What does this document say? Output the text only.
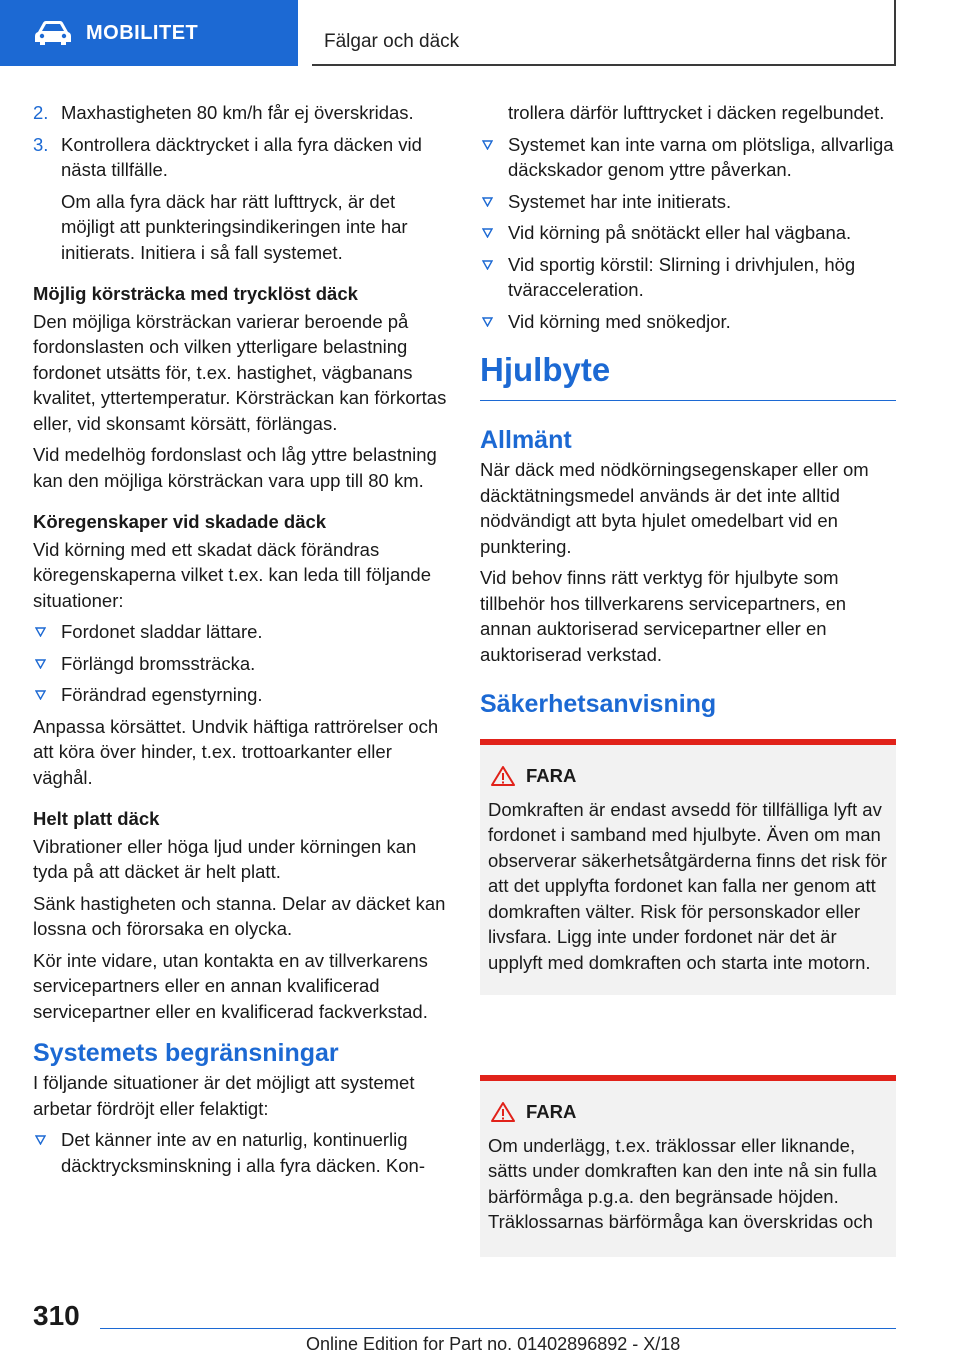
MOBILITET	Fälgar och däck
2. Maxhastigheten 80 km/h får ej överskridas.
3. Kontrollera däcktrycket i alla fyra däcken vid nästa tillfälle.
Om alla fyra däck har rätt lufttryck, är det möjligt att punkteringsindikeringen inte har initierats. Initiera i så fall systemet.
Möjlig körsträcka med trycklöst däck

Den möjliga körsträckan varierar beroende på fordonslasten och vilken ytterligare belastning fordonet utsätts för, t.ex. hastighet, vägbanans kvalitet, yttertemperatur. Körsträckan kan förkortas eller, vid skonsamt körsätt, förlängas.

Vid medelhög fordonslast och låg yttre belastning kan den möjliga körsträckan vara upp till 80 km.

Köregenskaper vid skadade däck

Vid körning med ett skadat däck förändras köregenskaperna vilket t.ex. kan leda till följande situationer:

Fordonet sladdar lättare.
Förlängd bromssträcka.
Förändrad egenstyrning.

Anpassa körsättet. Undvik häftiga rattrörelser och att köra över hinder, t.ex. trottoarkanter eller väghål.

Helt platt däck

Vibrationer eller höga ljud under körningen kan tyda på att däcket är helt platt.

Sänk hastigheten och stanna. Delar av däcket kan lossna och förorsaka en olycka.

Kör inte vidare, utan kontakta en av tillverkarens servicepartners eller en annan kvalificerad servicepartner eller en kvalificerad fackverkstad.

Systemets begränsningar

I följande situationer är det möjligt att systemet arbetar fördröjt eller felaktigt:

Det känner inte av en naturlig, kontinuerlig däcktrycksminskning i alla fyra däcken. Kon-
trollera därför lufttrycket i däcken regelbundet.
Systemet kan inte varna om plötsliga, allvarliga däckskador genom yttre påverkan.
Systemet har inte initierats.
Vid körning på snötäckt eller hal vägbana.
Vid sportig körstil: Slirning i drivhjulen, hög tväracceleration.
Vid körning med snökedjor.
Hjulbyte
Allmänt

När däck med nödkörningsegenskaper eller om däcktätningsmedel används är det inte alltid nödvändigt att byta hjulet omedelbart vid en punktering.

Vid behov finns rätt verktyg för hjulbyte som tillbehör hos tillverkarens servicepartners, en annan auktoriserad servicepartner eller en auktoriserad verkstad.

Säkerhetsanvisning
FARA

Domkraften är endast avsedd för tillfälliga lyft av fordonet i samband med hjulbyte. Även om man observerar säkerhetsåtgärderna finns det risk för att det upplyfta fordonet kan falla ner genom att domkraften välter. Risk för personskador eller livsfara. Ligg inte under fordonet när det är upplyft med domkraften och starta inte motorn.

FARA

Om underlägg, t.ex. träklossar eller liknande, sätts under domkraften kan den inte nå sin fulla bärförmåga p.g.a. den begränsade höjden. Träklossarnas bärförmåga kan överskridas och

310
Online Edition for Part no. 01402896892 - X/18
